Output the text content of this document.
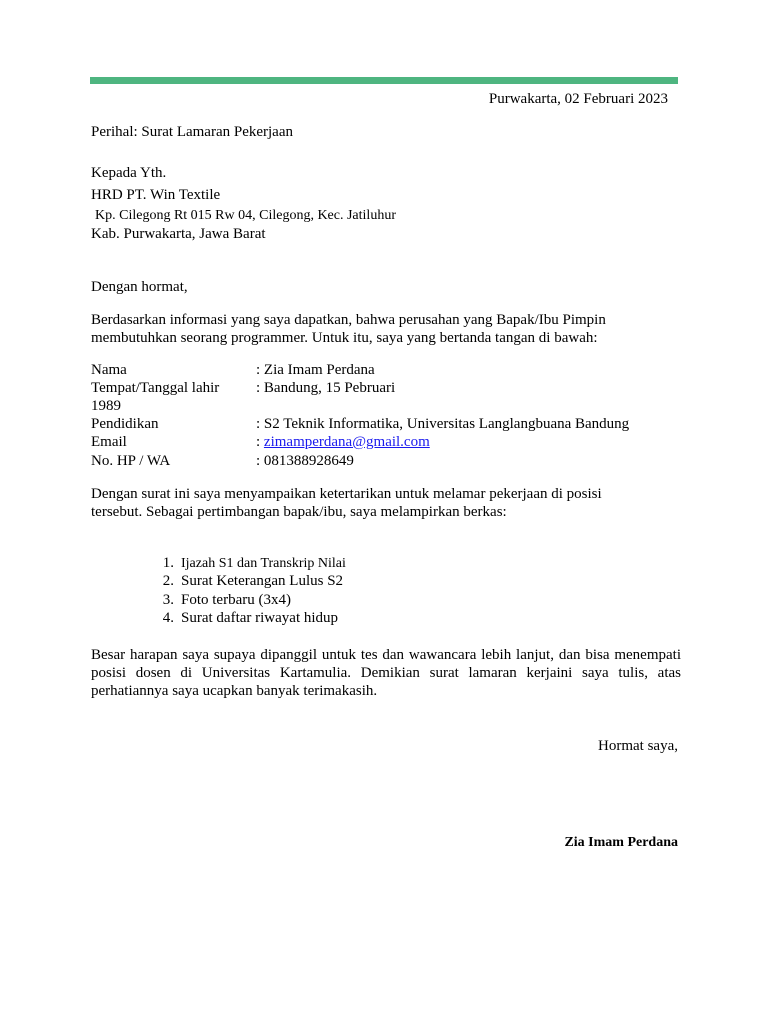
Purwakarta, 02 Februari 2023
Perihal: Surat Lamaran Pekerjaan
Kepada Yth.
HRD PT. Win Textile
Kp. Cilegong Rt 015 Rw 04, Cilegong, Kec. Jatiluhur
Kab. Purwakarta, Jawa Barat
Dengan hormat,
Berdasarkan informasi yang saya dapatkan, bahwa perusahan yang Bapak/Ibu Pimpin
membutuhkan seorang programmer. Untuk itu, saya yang bertanda tangan di bawah:
Nama	: Zia Imam Perdana
Tempat/Tanggal lahir : Bandung, 15 Pebruari
1989
Pendidikan	: S2 Teknik Informatika, Universitas Langlangbuana Bandung
Email	: zimamperdana@gmail.com
No. HP / WA	: 081388928649
Dengan surat ini saya menyampaikan ketertarikan untuk melamar pekerjaan di posisi
tersebut. Sebagai pertimbangan bapak/ibu, saya melampirkan berkas:
1. Ijazah S1 dan Transkrip Nilai
2. Surat Keterangan Lulus S2
3. Foto terbaru (3x4)
4. Surat daftar riwayat hidup
Besar harapan saya supaya dipanggil untuk tes dan wawancara lebih lanjut, dan bisa menempati posisi dosen di Universitas Kartamulia. Demikian surat lamaran kerjaini saya tulis, atas perhatiannya saya ucapkan banyak terimakasih.
Hormat saya,
Zia Imam Perdana
